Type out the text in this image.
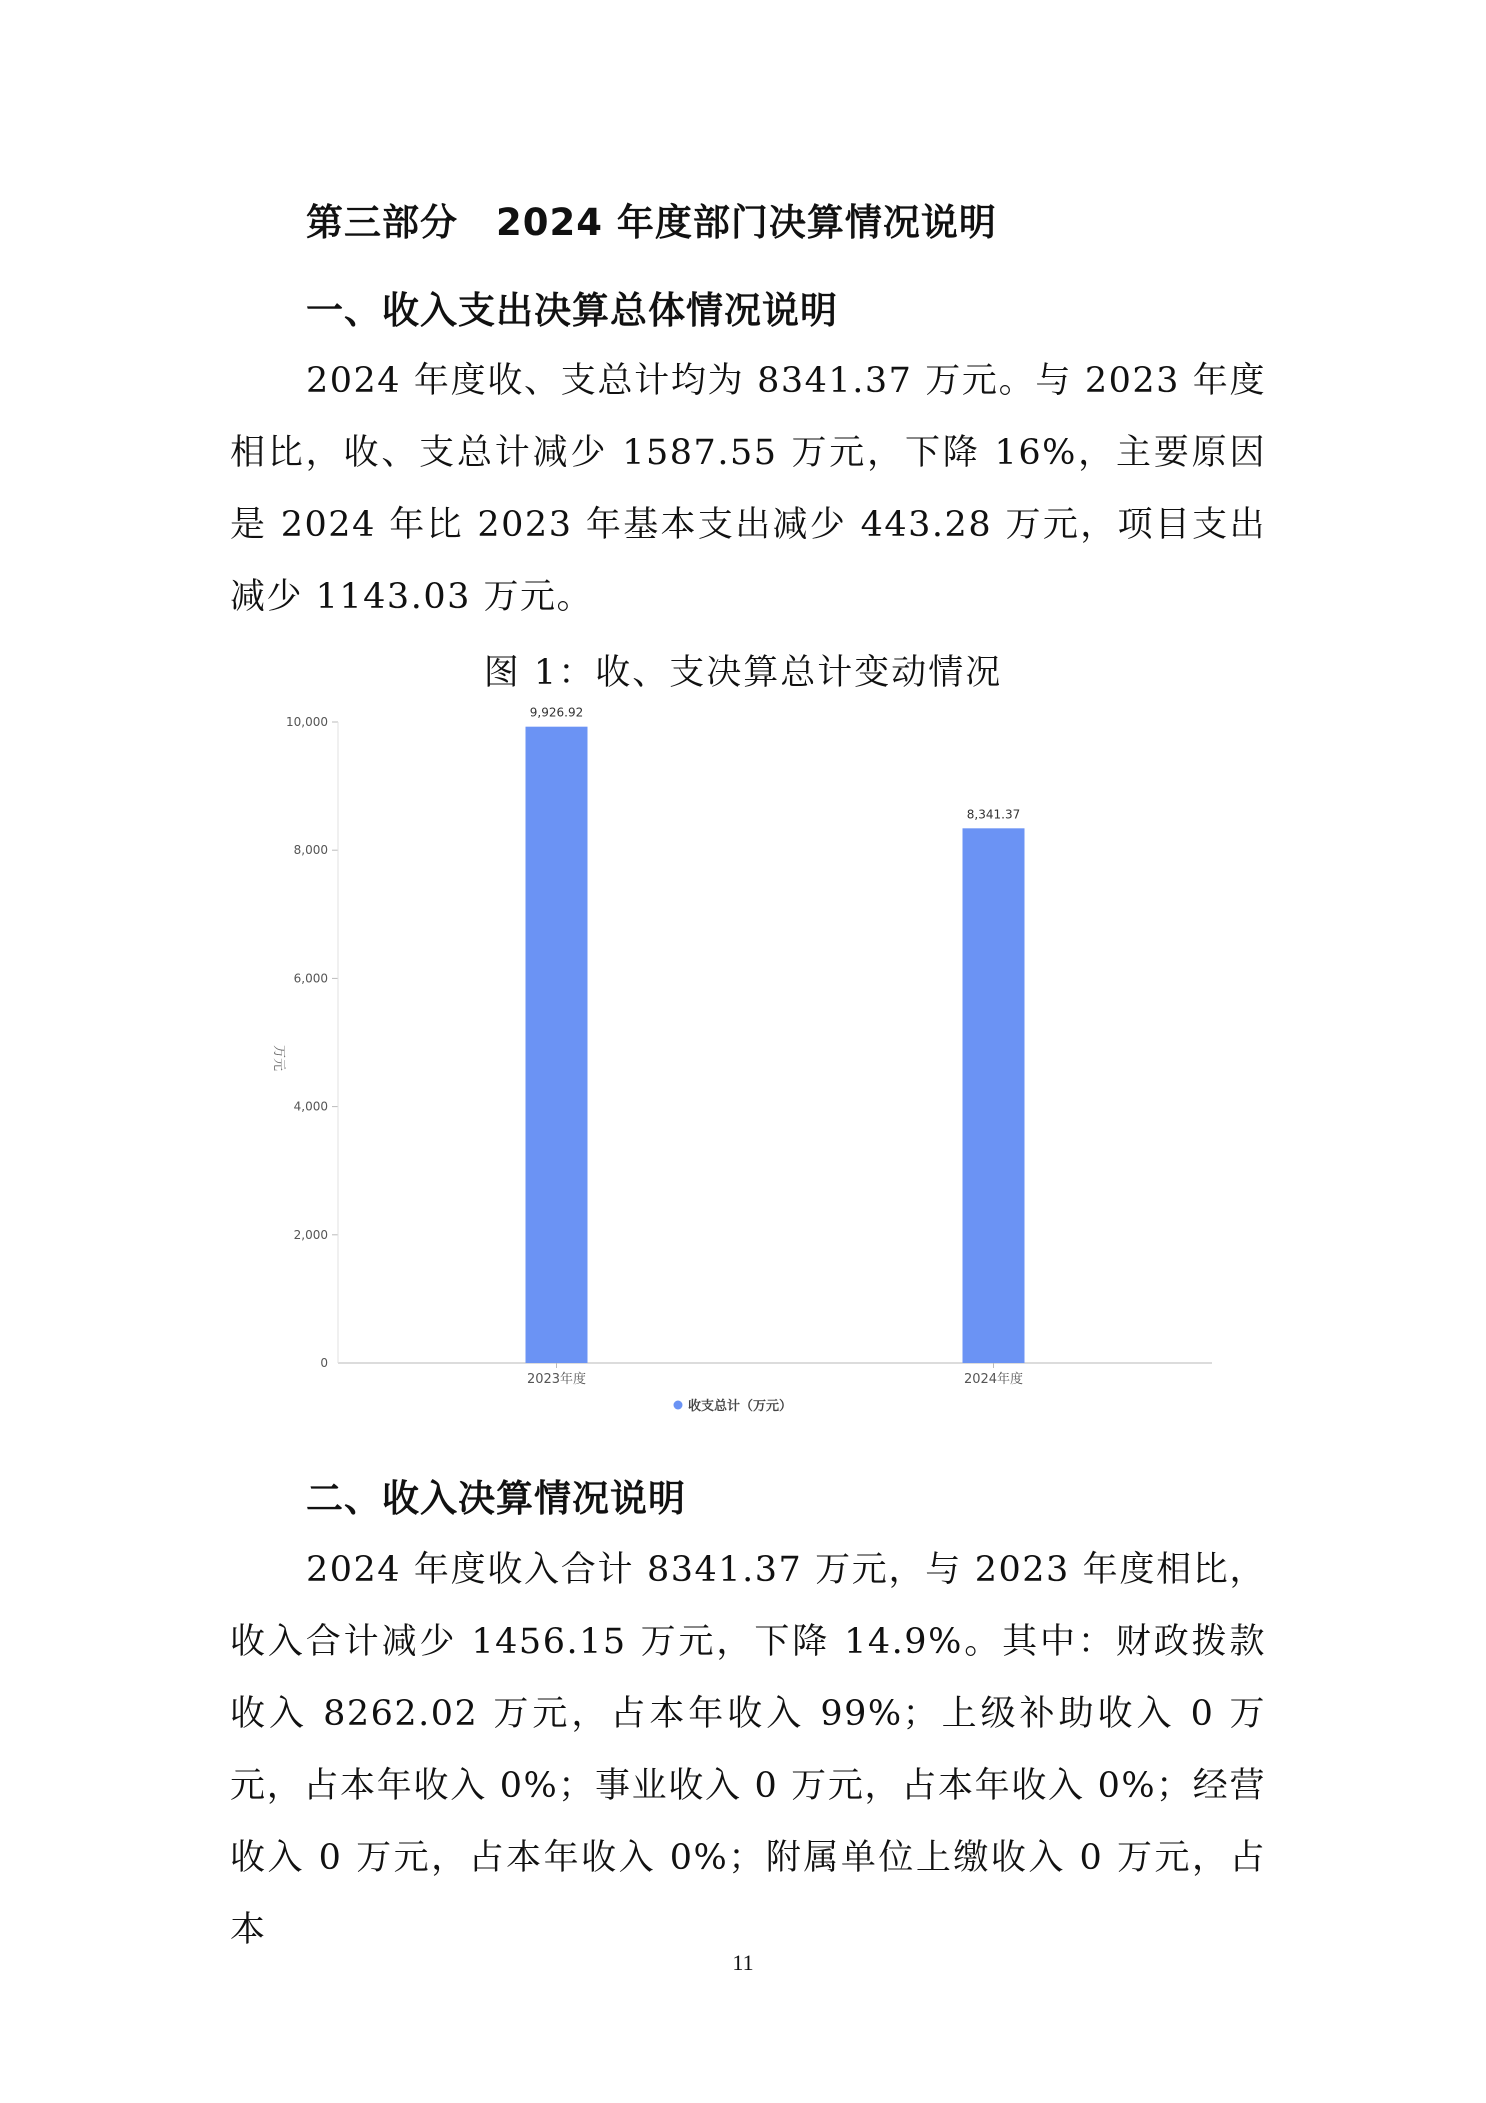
第三部分　2024 年度部门决算情况说明
一、收入支出决算总体情况说明

2024 年度收、支总计均为 8341.37 万元。与 2023 年度相比，收、支总计减少 1587.55 万元，下降 16%，主要原因是 2024 年比 2023 年基本支出减少 443.28 万元，项目支出减少 1143.03 万元。

图 1：收、支决算总计变动情况
0
2,000
4,000
6,000
8,000
10,000
9,926.92
8,341.37
2023年度	2024年度
万元
收支总计（万元）
二、收入决算情况说明

2024 年度收入合计 8341.37 万元，与 2023 年度相比，收入合计减少 1456.15 万元，下降 14.9%。其中：财政拨款收入 8262.02 万元，占本年收入 99%；上级补助收入 0 万元，占本年收入 0%；事业收入 0 万元，占本年收入 0%；经营收入 0 万元，占本年收入 0%；附属单位上缴收入 0 万元，占本

11
